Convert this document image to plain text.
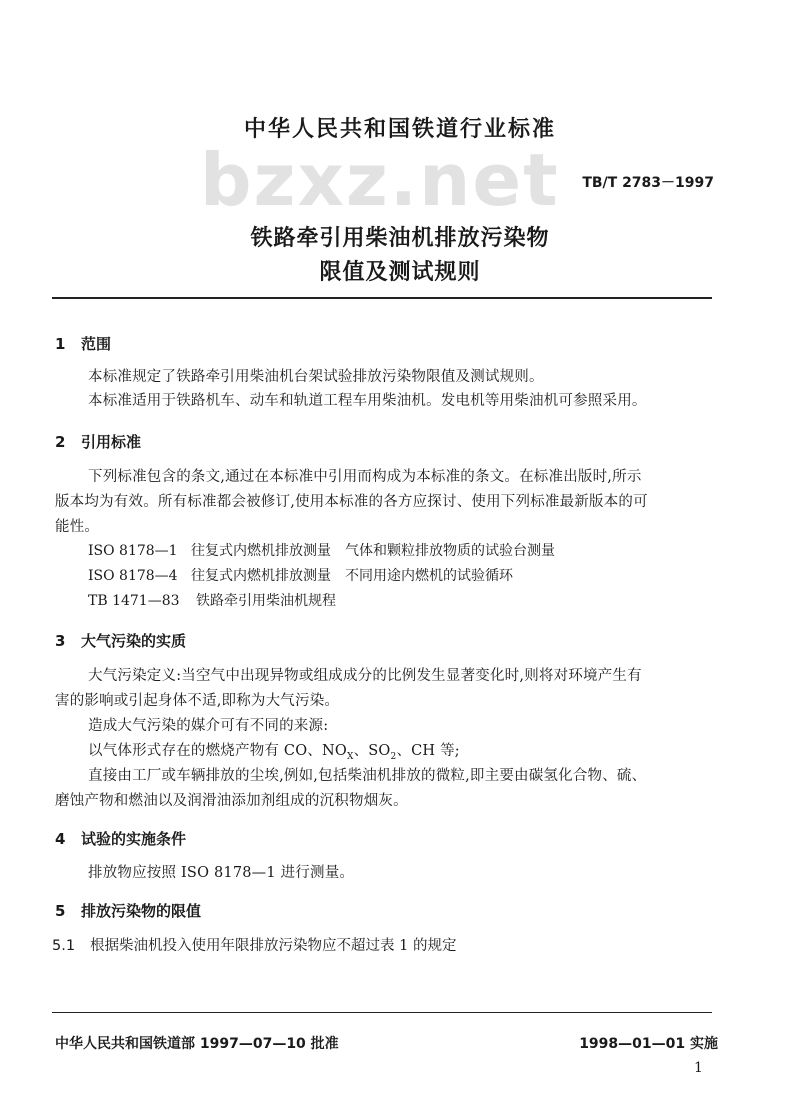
中华人民共和国铁道行业标准
bzxz.net TB/T 2783－1997
铁路牵引用柴油机排放污染物
限值及测试规则
1 范围
本标准规定了铁路牵引用柴油机台架试验排放污染物限值及测试规则。
本标准适用于铁路机车、动车和轨道工程车用柴油机。发电机等用柴油机可参照采用。
2 引用标准
下列标准包含的条文,通过在本标准中引用而构成为本标准的条文。在标准出版时,所示
版本均为有效。所有标准都会被修订,使用本标准的各方应探讨、使用下列标准最新版本的可
能性。
ISO 8178—1 往复式内燃机排放测量 气体和颗粒排放物质的试验台测量
ISO 8178—4 往复式内燃机排放测量 不同用途内燃机的试验循环
TB 1471—83 铁路牵引用柴油机规程
3 大气污染的实质
大气污染定义:当空气中出现异物或组成成分的比例发生显著变化时,则将对环境产生有
害的影响或引起身体不适,即称为大气污染。
造成大气污染的媒介可有不同的来源:
以气体形式存在的燃烧产物有 CO、$NO_X$、$SO_2$、CH 等;
直接由工厂或车辆排放的尘埃,例如,包括柴油机排放的微粒,即主要由碳氢化合物、硫、
磨蚀产物和燃油以及润滑油添加剂组成的沉积物烟灰。
4 试验的实施条件
排放物应按照 ISO 8178—1 进行测量。
5 排放污染物的限值
5.1 根据柴油机投入使用年限排放污染物应不超过表 1 的规定
中华人民共和国铁道部 1997—07—10 批准	1998—01—01 实施
1
